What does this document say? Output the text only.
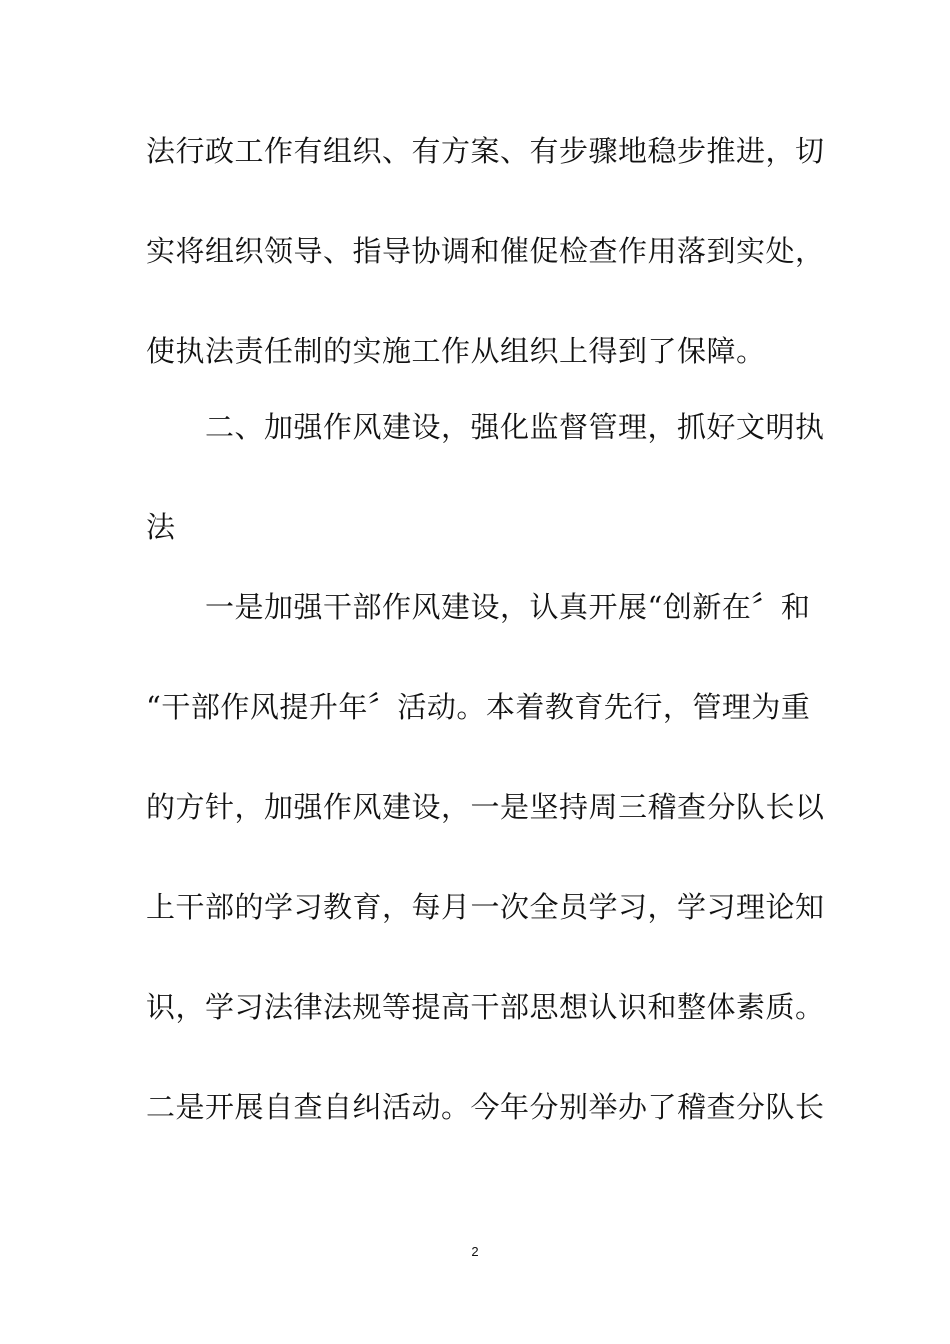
法行政工作有组织、有方案、有步骤地稳步推进，切
实将组织领导、指导协调和催促检查作用落到实处，
使执法责任制的实施工作从组织上得到了保障。
二、加强作风建设，强化监督管理，抓好文明执
法
一是加强干部作风建设，认真开展“创新在〞和
“干部作风提升年〞活动。本着教育先行，管理为重
的方针，加强作风建设，一是坚持周三稽查分队长以
上干部的学习教育，每月一次全员学习，学习理论知
识，学习法律法规等提高干部思想认识和整体素质。
二是开展自查自纠活动。今年分别举办了稽查分队长
2
